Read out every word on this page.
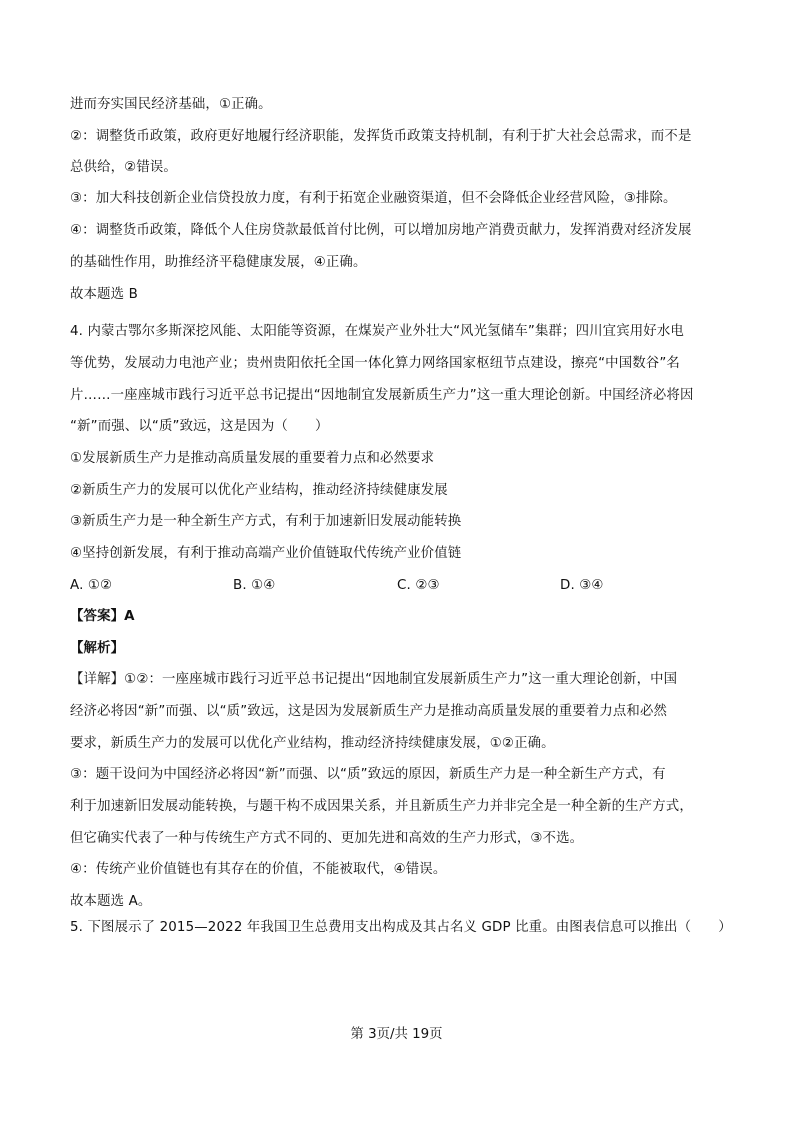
进而夯实国民经济基础，①正确。
②：调整货币政策，政府更好地履行经济职能，发挥货币政策支持机制，有利于扩大社会总需求，而不是
总供给，②错误。
③：加大科技创新企业信贷投放力度，有利于拓宽企业融资渠道，但不会降低企业经营风险，③排除。
④：调整货币政策，降低个人住房贷款最低首付比例，可以增加房地产消费贡献力，发挥消费对经济发展
的基础性作用，助推经济平稳健康发展，④正确。
故本题选 B
4. 内蒙古鄂尔多斯深挖风能、太阳能等资源，在煤炭产业外壮大“风光氢储车”集群；四川宜宾用好水电
等优势，发展动力电池产业；贵州贵阳依托全国一体化算力网络国家枢纽节点建设，擦亮“中国数谷”名
片……一座座城市践行习近平总书记提出“因地制宜发展新质生产力”这一重大理论创新。中国经济必将因
“新”而强、以“质”致远，这是因为（　　）
①发展新质生产力是推动高质量发展的重要着力点和必然要求
②新质生产力的发展可以优化产业结构，推动经济持续健康发展
③新质生产力是一种全新生产方式，有利于加速新旧发展动能转换
④坚持创新发展，有利于推动高端产业价值链取代传统产业价值链
A. ①②	B. ①④	C. ②③	D. ③④
【答案】A
【解析】
【详解】①②：一座座城市践行习近平总书记提出“因地制宜发展新质生产力”这一重大理论创新，中国
经济必将因“新”而强、以“质”致远，这是因为发展新质生产力是推动高质量发展的重要着力点和必然
要求，新质生产力的发展可以优化产业结构，推动经济持续健康发展，①②正确。
③：题干设问为中国经济必将因“新”而强、以“质”致远的原因，新质生产力是一种全新生产方式，有
利于加速新旧发展动能转换，与题干构不成因果关系，并且新质生产力并非完全是一种全新的生产方式，
但它确实代表了一种与传统生产方式不同的、更加先进和高效的生产力形式，③不选。
④：传统产业价值链也有其存在的价值，不能被取代，④错误。
故本题选 A。
5. 下图展示了 2015—2022 年我国卫生总费用支出构成及其占名义 GDP 比重。由图表信息可以推出（　　）
第 3页/共 19页
